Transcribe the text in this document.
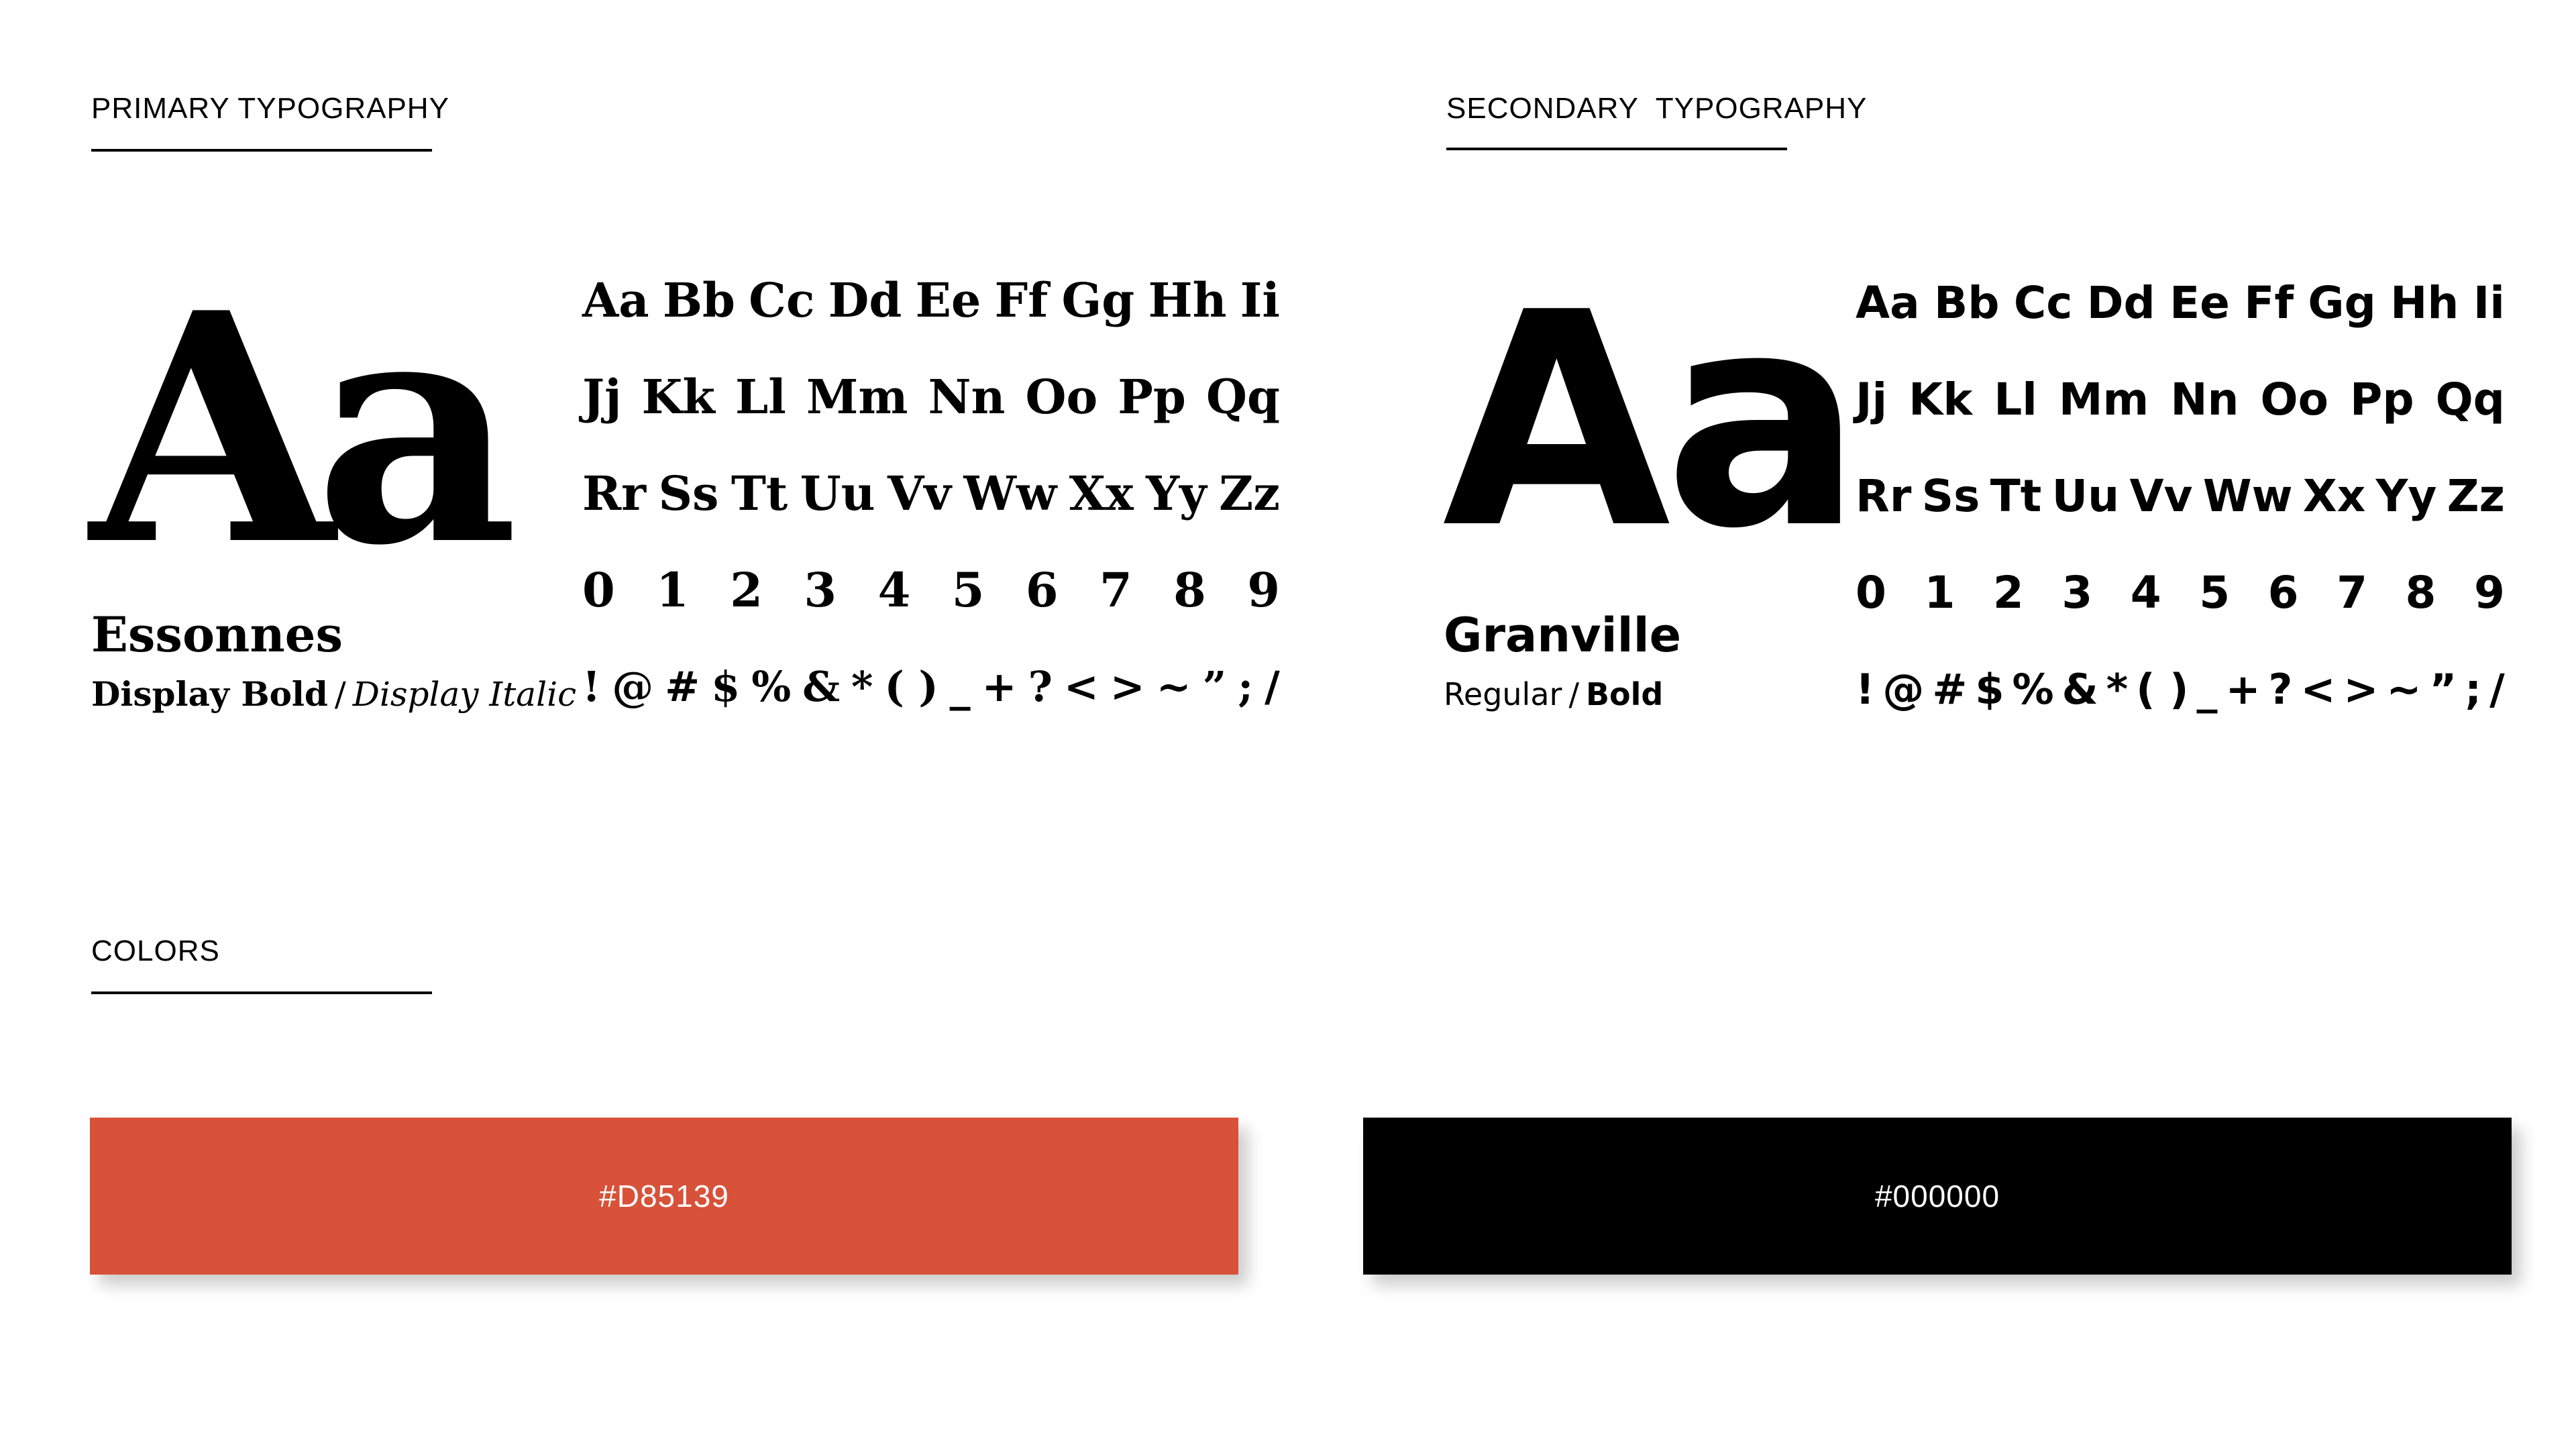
PRIMARY TYPOGRAPHY
Aa
Essonnes
Display Bold / Display Italic
Aa Bb Cc Dd Ee Ff Gg Hh Ii
Jj Kk Ll Mm Nn Oo Pp Qq
Rr Ss Tt Uu Vv Ww Xx Yy Zz
0 1 2 3 4 5 6 7 8 9
! @ # $ % & * ( ) _ + ? < > ~ ” ; /
SECONDARY  TYPOGRAPHY
Aa
Granville
Regular / Bold
Aa Bb Cc Dd Ee Ff Gg Hh Ii
Jj Kk Ll Mm Nn Oo Pp Qq
Rr Ss Tt Uu Vv Ww Xx Yy Zz
0 1 2 3 4 5 6 7 8 9
! @ # $ % & * ( ) _ + ? < > ~ ” ; /
COLORS
#D85139	#000000
